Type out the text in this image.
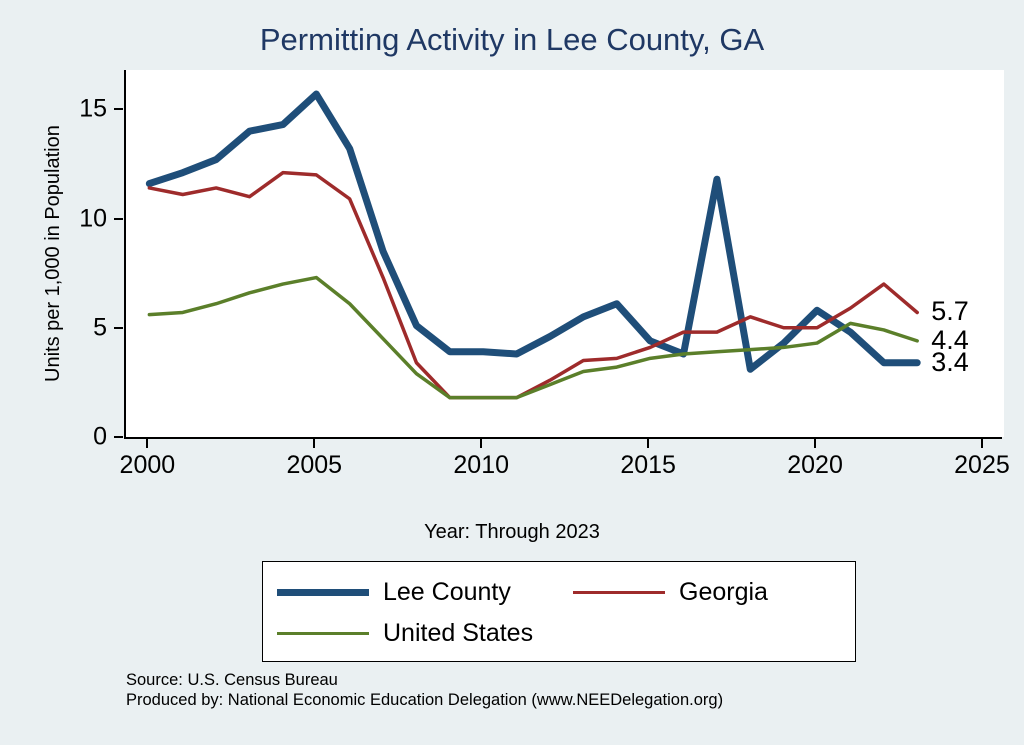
Permitting Activity in Lee County, GA
Units per 1,000 in Population
2000	2005	2010	2015	2020	2025
0
5
10
15
3.4
5.7
4.4
Year: Through 2023
Lee County	Georgia
United States
Source: U.S. Census Bureau
Produced by: National Economic Education Delegation (www.NEEDelegation.org)
